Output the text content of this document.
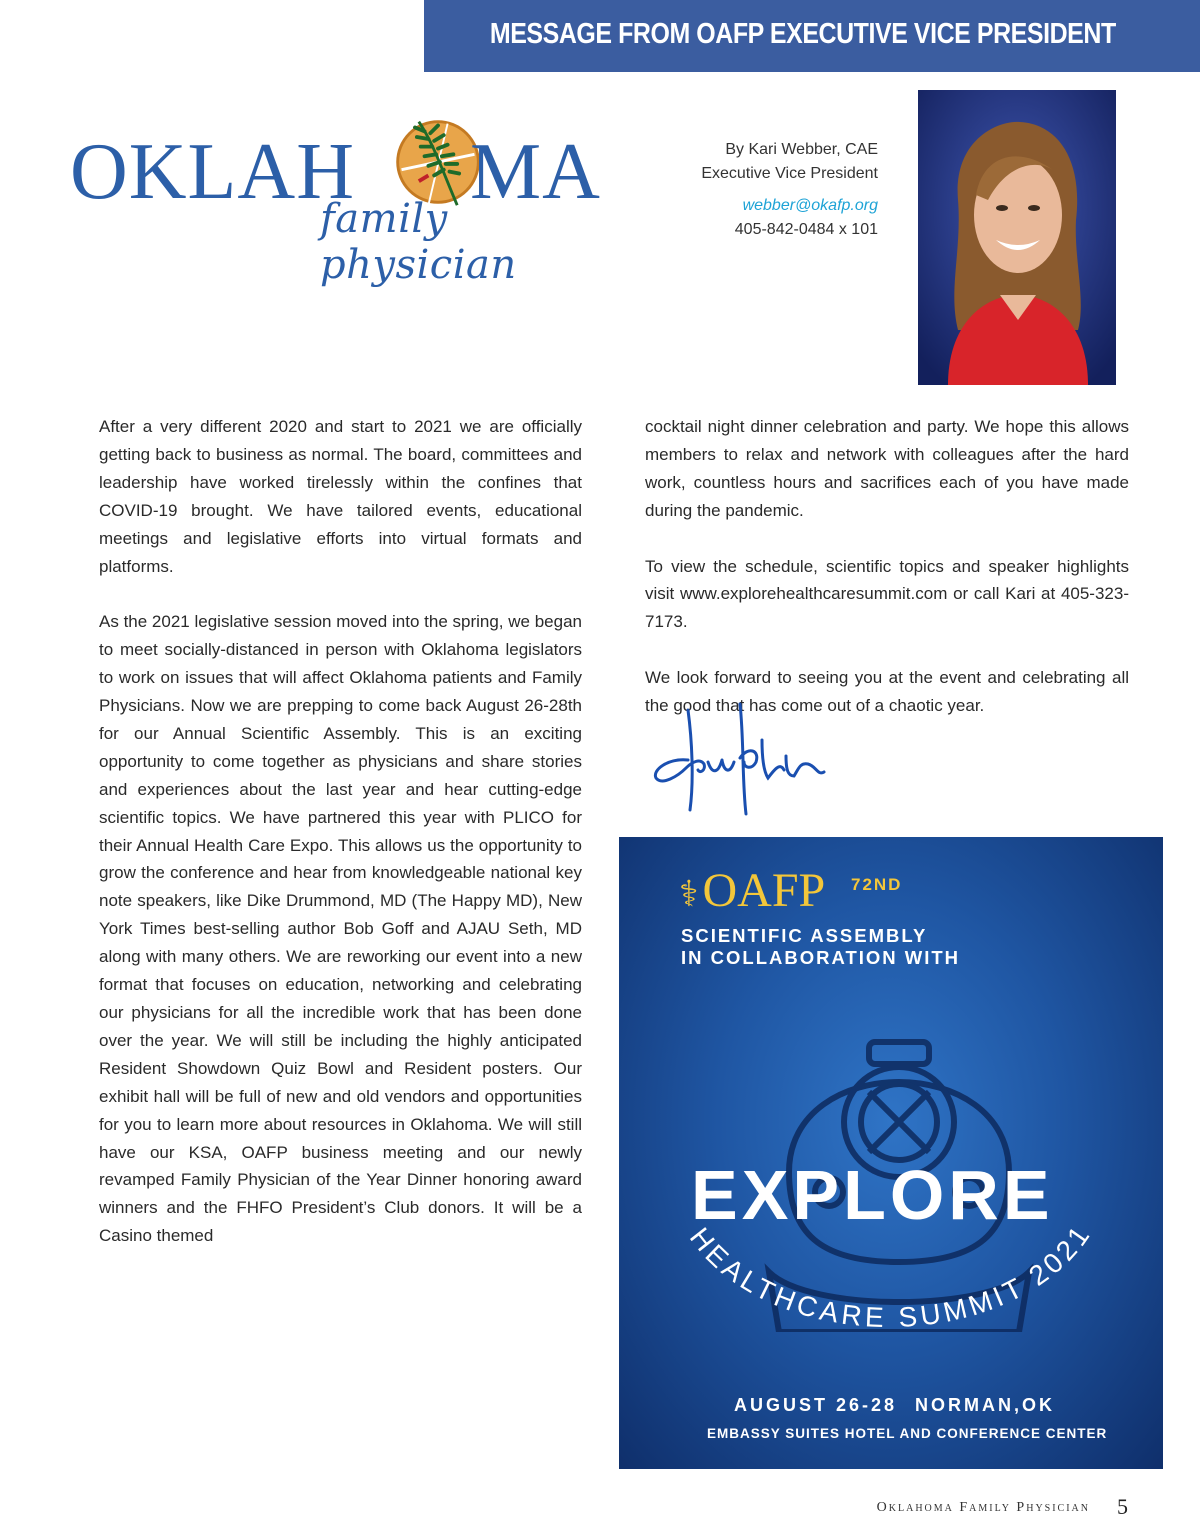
MESSAGE FROM OAFP EXECUTIVE VICE PRESIDENT
OKLAH MA
family physician
By Kari Webber, CAE
Executive Vice President
webber@okafp.org
405-842-0484 x 101

After a very different 2020 and start to 2021 we are officially getting back to business as normal. The board, committees and leadership have worked tirelessly within the confines that COVID-19 brought. We have tailored events, educational meetings and legislative efforts into virtual formats and platforms.

As the 2021 legislative session moved into the spring, we began to meet socially-distanced in person with Oklahoma legislators to work on issues that will affect Oklahoma patients and Family Physicians. Now we are prepping to come back August 26-28th for our Annual Scientific Assembly. This is an exciting opportunity to come together as physicians and share stories and experiences about the last year and hear cutting-edge scientific topics. We have partnered this year with PLICO for their Annual Health Care Expo. This allows us the opportunity to grow the conference and hear from knowledgeable national key note speakers, like Dike Drummond, MD (The Happy MD), New York Times best-selling author Bob Goff and AJAU Seth, MD along with many others. We are reworking our event into a new format that focuses on education, networking and celebrating our physicians for all the incredible work that has been done over the year. We will still be including the highly anticipated Resident Showdown Quiz Bowl and Resident posters. Our exhibit hall will be full of new and old vendors and opportunities for you to learn more about resources in Oklahoma. We will still have our KSA, OAFP business meeting and our newly revamped Family Physician of the Year Dinner honoring award winners and the FHFO President’s Club donors. It will be a Casino themed

cocktail night dinner celebration and party. We hope this allows members to relax and network with colleagues after the hard work, countless hours and sacrifices each of you have made during the pandemic.

To view the schedule, scientific topics and speaker highlights visit www.explorehealthcaresummit.com or call Kari at 405-323-7173.

We look forward to seeing you at the event and celebrating all the good that has come out of a chaotic year.

⚕OAFP 72ND
SCIENTIFIC ASSEMBLY
IN COLLABORATION WITH
EXPLORE
HEALTHCARE SUMMIT 2021
AUGUST 26-28 NORMAN,OK
EMBASSY SUITES HOTEL AND CONFERENCE CENTER
Oklahoma Family Physician 5
